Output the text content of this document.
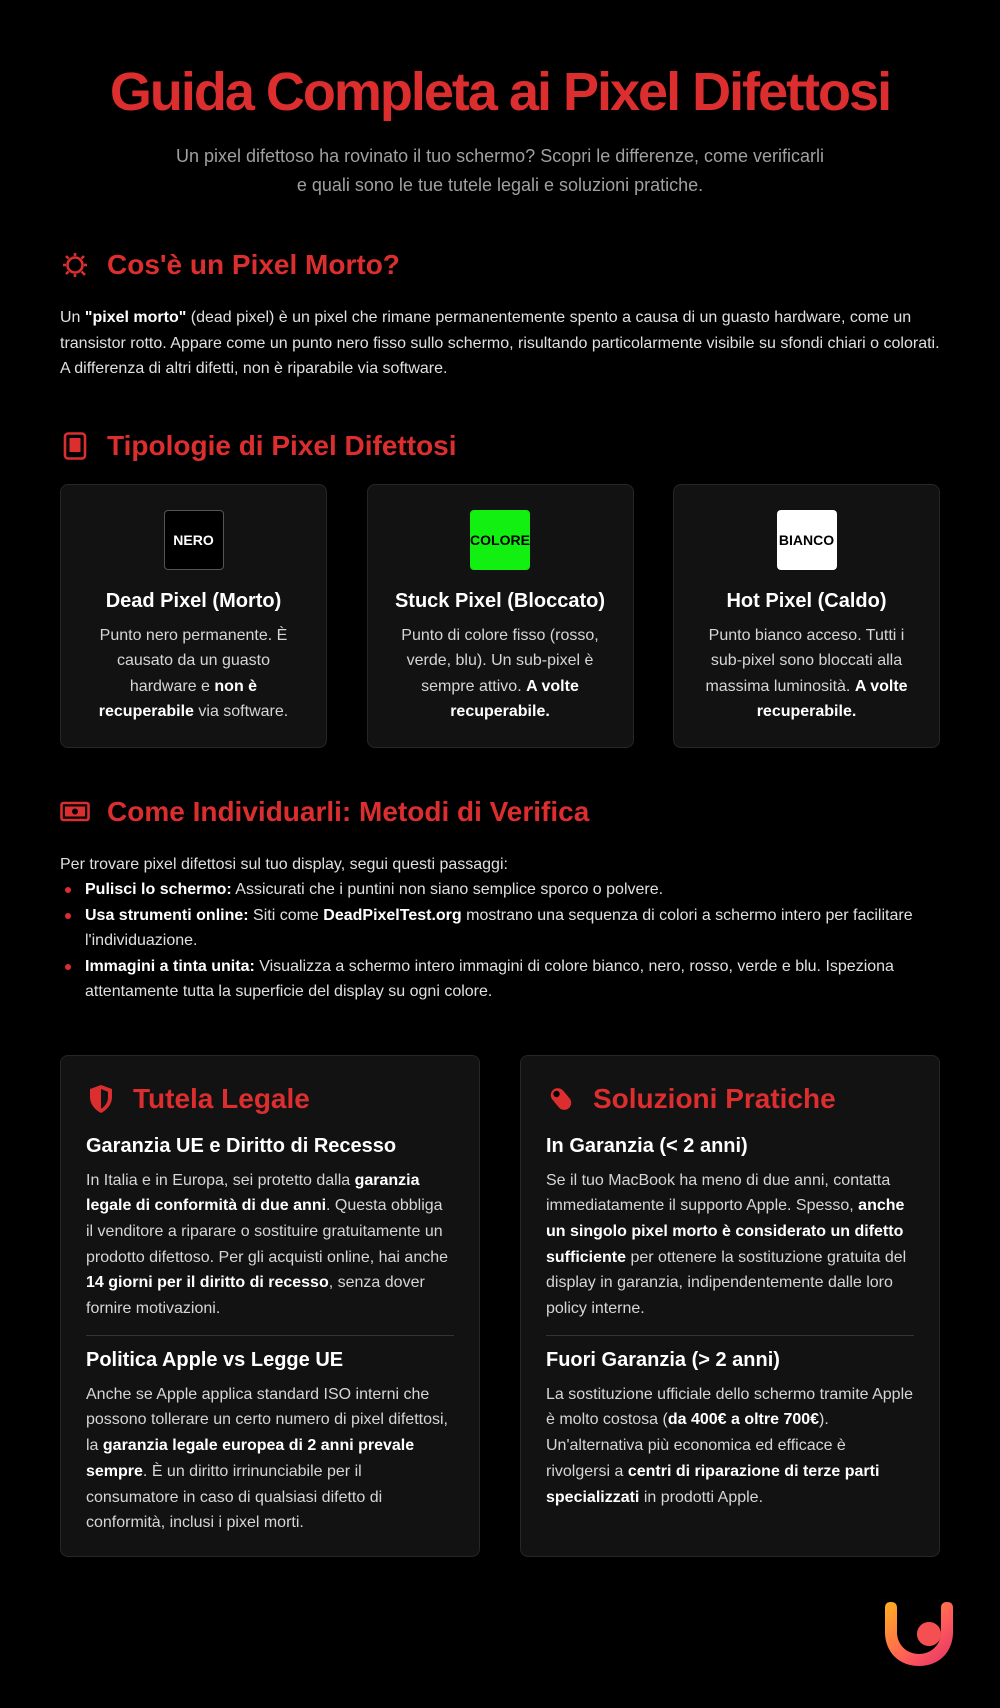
Guida Completa ai Pixel Difettosi

Un pixel difettoso ha rovinato il tuo schermo? Scopri le differenze, come verificarli
e quali sono le tue tutele legali e soluzioni pratiche.

Cos'è un Pixel Morto?

Un "pixel morto" (dead pixel) è un pixel che rimane permanentemente spento a causa di un guasto hardware, come un transistor rotto. Appare come un punto nero fisso sullo schermo, risultando particolarmente visibile su sfondi chiari o colorati. A differenza di altri difetti, non è riparabile via software.

Tipologie di Pixel Difettosi
NERO
Dead Pixel (Morto)

Punto nero permanente. È causato da un guasto hardware e non è recuperabile via software.

COLORE
Stuck Pixel (Bloccato)

Punto di colore fisso (rosso, verde, blu). Un sub-pixel è sempre attivo. A volte recuperabile.

BIANCO
Hot Pixel (Caldo)

Punto bianco acceso. Tutti i sub-pixel sono bloccati alla massima luminosità. A volte recuperabile.

Come Individuarli: Metodi di Verifica

Per trovare pixel difettosi sul tuo display, segui questi passaggi:

Pulisci lo schermo: Assicurati che i puntini non siano semplice sporco o polvere.
Usa strumenti online: Siti come DeadPixelTest.org mostrano una sequenza di colori a schermo intero per facilitare l'individuazione.
Immagini a tinta unita: Visualizza a schermo intero immagini di colore bianco, nero, rosso, verde e blu. Ispeziona attentamente tutta la superficie del display su ogni colore.
Tutela Legale
Garanzia UE e Diritto di Recesso

In Italia e in Europa, sei protetto dalla garanzia legale di conformità di due anni. Questa obbliga il venditore a riparare o sostituire gratuitamente un prodotto difettoso. Per gli acquisti online, hai anche 14 giorni per il diritto di recesso, senza dover fornire motivazioni.

Politica Apple vs Legge UE

Anche se Apple applica standard ISO interni che possono tollerare un certo numero di pixel difettosi, la garanzia legale europea di 2 anni prevale sempre. È un diritto irrinunciabile per il consumatore in caso di qualsiasi difetto di conformità, inclusi i pixel morti.

Soluzioni Pratiche
In Garanzia (< 2 anni)

Se il tuo MacBook ha meno di due anni, contatta immediatamente il supporto Apple. Spesso, anche un singolo pixel morto è considerato un difetto sufficiente per ottenere la sostituzione gratuita del display in garanzia, indipendentemente dalle loro policy interne.

Fuori Garanzia (> 2 anni)

La sostituzione ufficiale dello schermo tramite Apple è molto costosa (da 400€ a oltre 700€). Un'alternativa più economica ed efficace è rivolgersi a centri di riparazione di terze parti specializzati in prodotti Apple.
